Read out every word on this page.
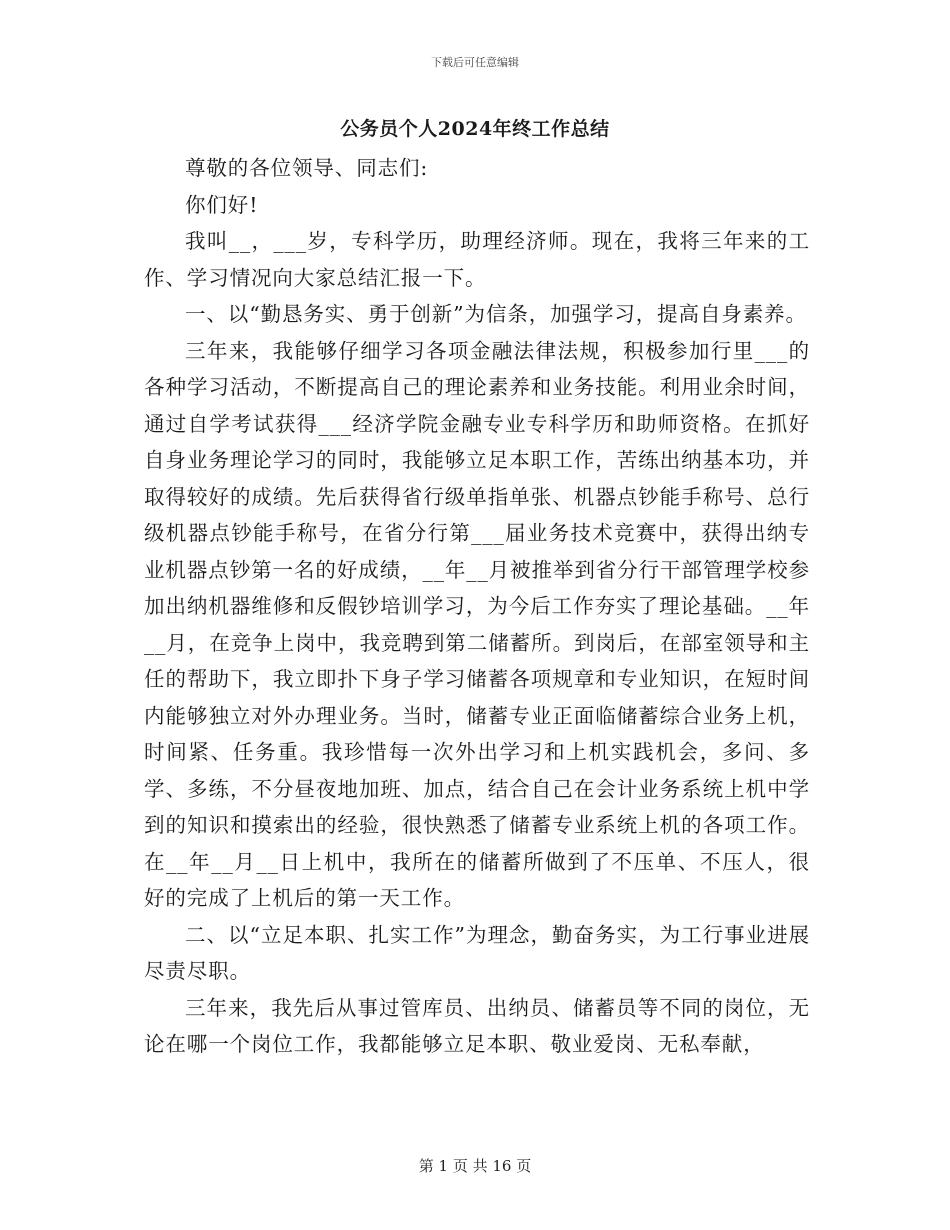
下载后可任意编辑
公务员个人2024年终工作总结

尊敬的各位领导、同志们:

你们好!

我叫__，___岁，专科学历，助理经济师。现在，我将三年来的工作、学习情况向大家总结汇报一下。

一、以“勤恳务实、勇于创新”为信条，加强学习，提高自身素养。

三年来，我能够仔细学习各项金融法律法规，积极参加行里___的各种学习活动，不断提高自己的理论素养和业务技能。利用业余时间，通过自学考试获得___经济学院金融专业专科学历和助师资格。在抓好自身业务理论学习的同时，我能够立足本职工作，苦练出纳基本功，并取得较好的成绩。先后获得省行级单指单张、机器点钞能手称号、总行级机器点钞能手称号，在省分行第___届业务技术竞赛中，获得出纳专业机器点钞第一名的好成绩，__年__月被推举到省分行干部管理学校参加出纳机器维修和反假钞培训学习，为今后工作夯实了理论基础。__年__月，在竞争上岗中，我竞聘到第二储蓄所。到岗后，在部室领导和主任的帮助下，我立即扑下身子学习储蓄各项规章和专业知识，在短时间内能够独立对外办理业务。当时，储蓄专业正面临储蓄综合业务上机，时间紧、任务重。我珍惜每一次外出学习和上机实践机会，多问、多学、多练，不分昼夜地加班、加点，结合自己在会计业务系统上机中学到的知识和摸索出的经验，很快熟悉了储蓄专业系统上机的各项工作。在__年__月__日上机中，我所在的储蓄所做到了不压单、不压人，很好的完成了上机后的第一天工作。

二、以“立足本职、扎实工作”为理念，勤奋务实，为工行事业进展尽责尽职。

三年来，我先后从事过管库员、出纳员、储蓄员等不同的岗位，无论在哪一个岗位工作，我都能够立足本职、敬业爱岗、无私奉献，

第 1 页 共 16 页
